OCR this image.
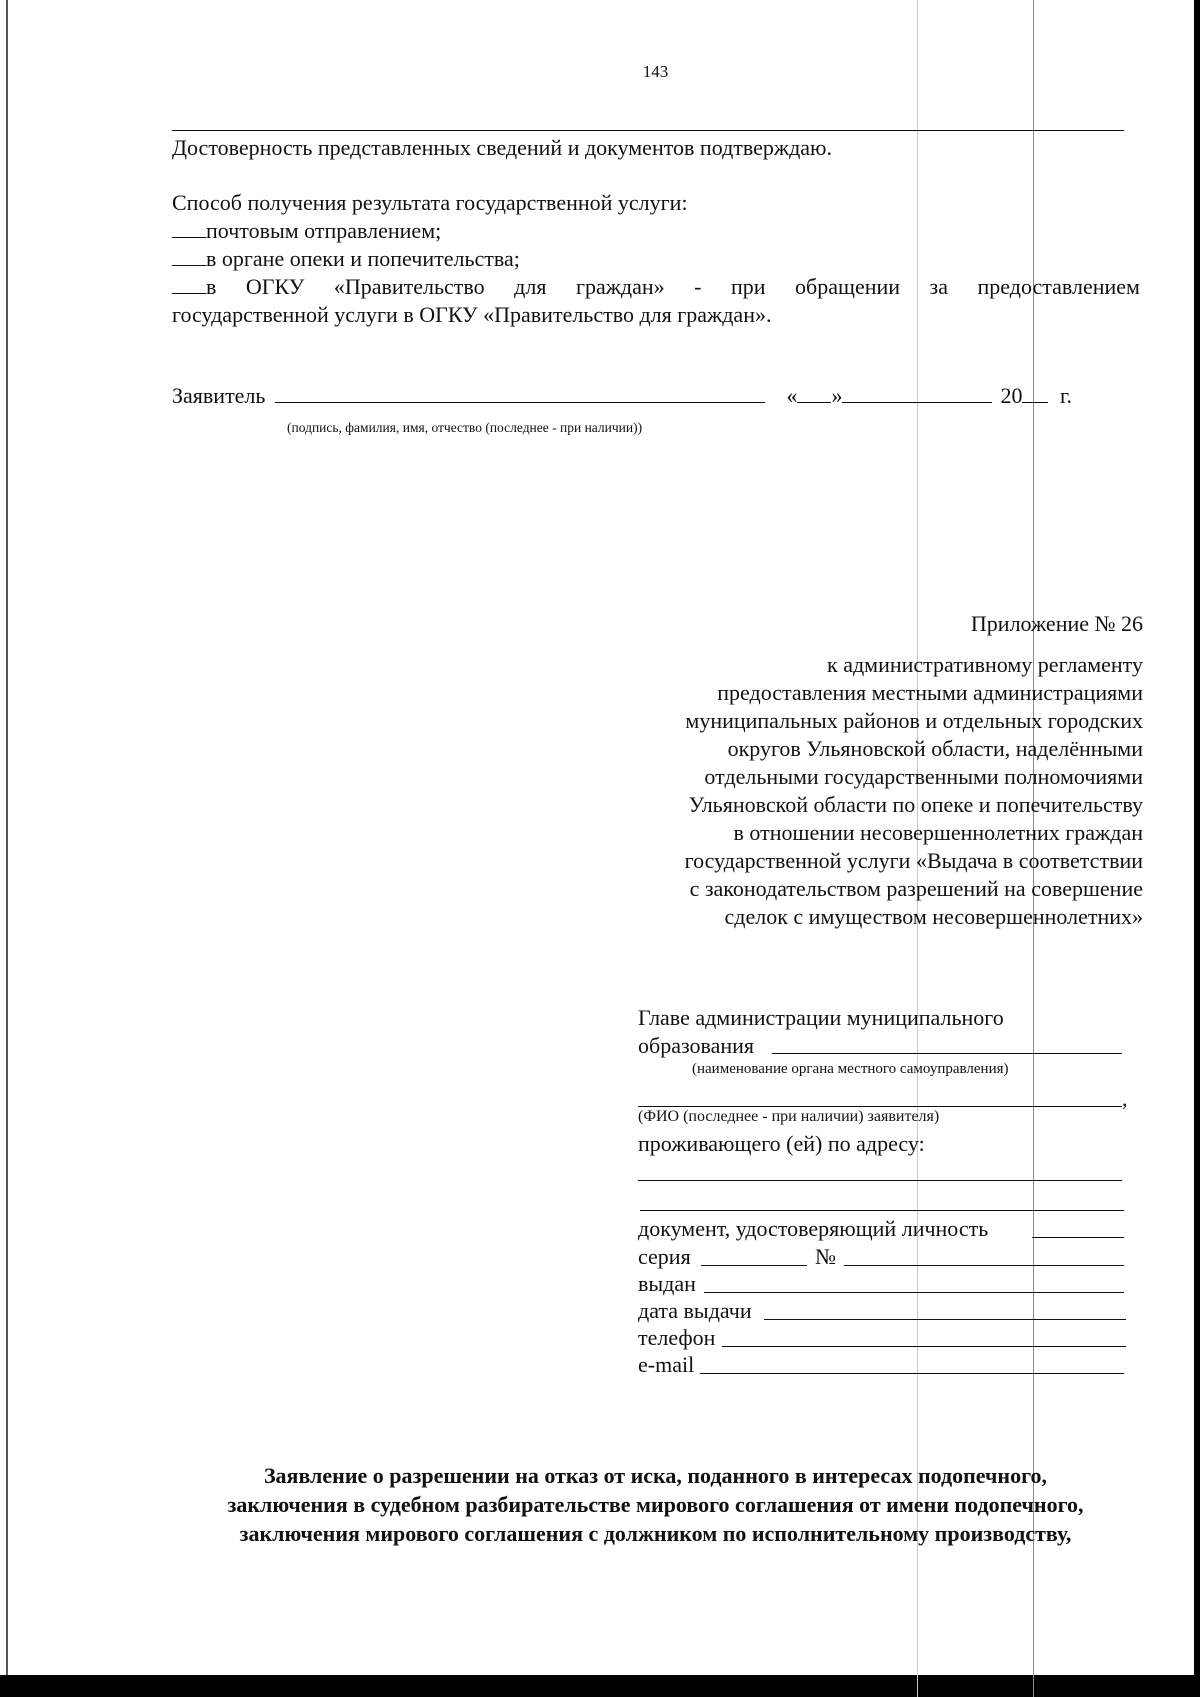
143
Достоверность представленных сведений и документов подтверждаю.
Способ получения результата государственной услуги:
почтовым отправлением;
в органе опеки и попечительства;
в ОГКУ «Правительство для граждан» - при обращении за предоставлением
государственной услуги в ОГКУ «Правительство для граждан».
Заявитель	« »	20 г.
(подпись, фамилия, имя, отчество (последнее - при наличии))
Приложение № 26
к административному регламенту
предоставления местными администрациями
муниципальных районов и отдельных городских
округов Ульяновской области, наделёнными
отдельными государственными полномочиями
Ульяновской области по опеке и попечительству
в отношении несовершеннолетних граждан
государственной услуги «Выдача в соответствии
с законодательством разрешений на совершение
сделок с имуществом несовершеннолетних»
Главе администрации муниципального
образования
(наименование органа местного самоуправления)
,
(ФИО (последнее - при наличии) заявителя)
проживающего (ей) по адресу:
документ, удостоверяющий личность
серия	№
выдан
дата выдачи
телефон
e-mail
Заявление о разрешении на отказ от иска, поданного в интересах подопечного,
заключения в судебном разбирательстве мирового соглашения от имени подопечного,
заключения мирового соглашения с должником по исполнительному производству,
